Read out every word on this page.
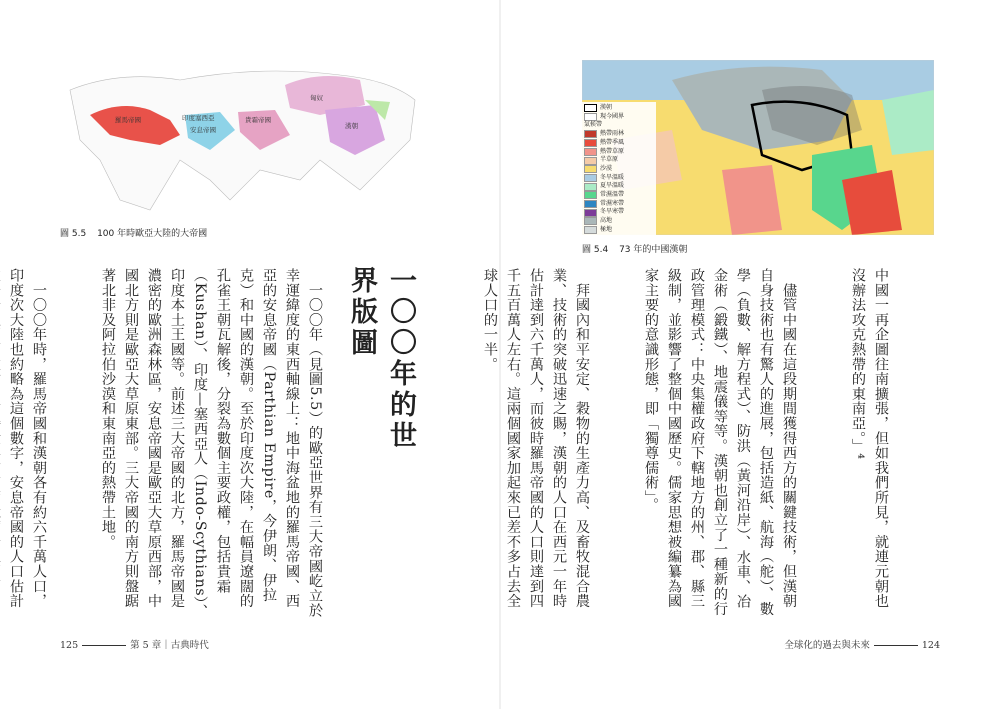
羅馬帝國	印度塞西亞
安息帝國
貴霜帝國
匈奴
漢朝
圖 5.5 100 年時歐亞大陸的大帝國
一〇〇年的世界版圖

　一〇〇年（見圖5.5）的歐亞世界有三大帝國屹立於幸運緯度的東西軸線上：地中海盆地的羅馬帝國、西亞的安息帝國（Parthian Empire，今伊朗、伊拉克）和中國的漢朝。至於印度次大陸，在幅員遼闊的孔雀王朝瓦解後，分裂為數個主要政權，包括貴霜（Kushan）、印度—塞西亞人（Indo-Scythians）、印度本土王國等。前述三大帝國的北方，羅馬帝國是濃密的歐洲森林區，安息帝國是歐亞大草原西部，中國北方則是歐亞大草原東部。三大帝國的南方則盤踞著北非及阿拉伯沙漠和東南亞的熱帶土地。

　一〇〇年時，羅馬帝國和漢朝各有約六千萬人口，印度次大陸也約略為這個數字，安息帝國的人口估計

125	第 5 章｜古典時代
漢朝
現今國界
氣候帶
熱帶雨林
熱帶季風
熱帶草原
半草原
沙漠
冬旱溫暖
夏旱溫暖
常濕溫帶
常濕寒帶
冬旱寒帶
高地
極地
圖 5.4 73 年的中國漢朝

中國一再企圖往南擴張，但如我們所見，就連元朝也沒辦法攻克熱帶的東南亞。」⁴

　儘管中國在這段期間獲得西方的關鍵技術，但漢朝自身技術也有驚人的進展，包括造紙、航海（舵）、數學（負數、解方程式）、防洪（黃河沿岸）、水車、冶金術（鍛鐵）、地震儀等等。漢朝也創立了一種新的行政管理模式：中央集權政府下轄地方的州、郡、縣三級制，並影響了整個中國歷史。儒家思想被編纂為國家主要的意識形態，即「獨尊儒術」。

　拜國內和平安定、穀物的生產力高、及畜牧混合農業、技術的突破迅速之賜，漢朝的人口在西元一年時估計達到六千萬人，而彼時羅馬帝國的人口則達到四千五百萬人左右。這兩個國家加起來已差不多占去全球人口的一半。

全球化的過去與未來	124
